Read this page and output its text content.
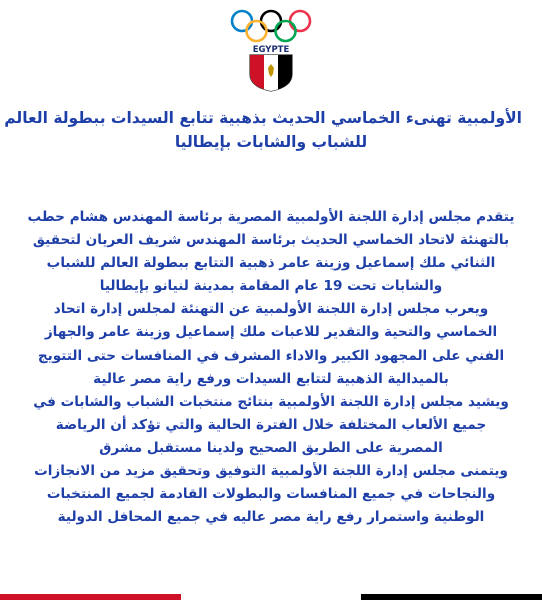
EGYPTE
الأولمبية تهنىء الخماسي الحديث بذهبية تتابع السيدات ببطولة العالم
للشباب والشابات بإيطاليا
يتقدم مجلس إدارة اللجنة الأولمبية المصرية برئاسة المهندس هشام حطب
بالتهنئة لاتحاد الخماسي الحديث برئاسة المهندس شريف العريان لتحقيق
الثنائي ملك إسماعيل وزينة عامر ذهبية التتابع ببطولة العالم للشباب
والشابات تحت 19 عام المقامة بمدينة لنيانو بإيطاليا
ويعرب مجلس إدارة اللجنة الأولمبية عن التهنئة لمجلس إدارة اتحاد
الخماسي والتحية والتقدير للاعبات ملك إسماعيل وزينة عامر والجهاز
الفني على المجهود الكبير والاداء المشرف في المنافسات حتى التتويج
بالميدالية الذهبية لتتابع السيدات ورفع راية مصر عالية
ويشيد مجلس إدارة اللجنة الأولمبية بنتائج منتخبات الشباب والشابات في
جميع الألعاب المختلفة خلال الفترة الحالية والتي تؤكد أن الرياضة
المصرية على الطريق الصحيح ولدينا مستقبل مشرق
ويتمنى مجلس إدارة اللجنة الأولمبية التوفيق وتحقيق مزيد من الانجازات
والنجاحات في جميع المنافسات والبطولات القادمة لجميع المنتخبات
الوطنية واستمرار رفع راية مصر عاليه في جميع المحافل الدولية
